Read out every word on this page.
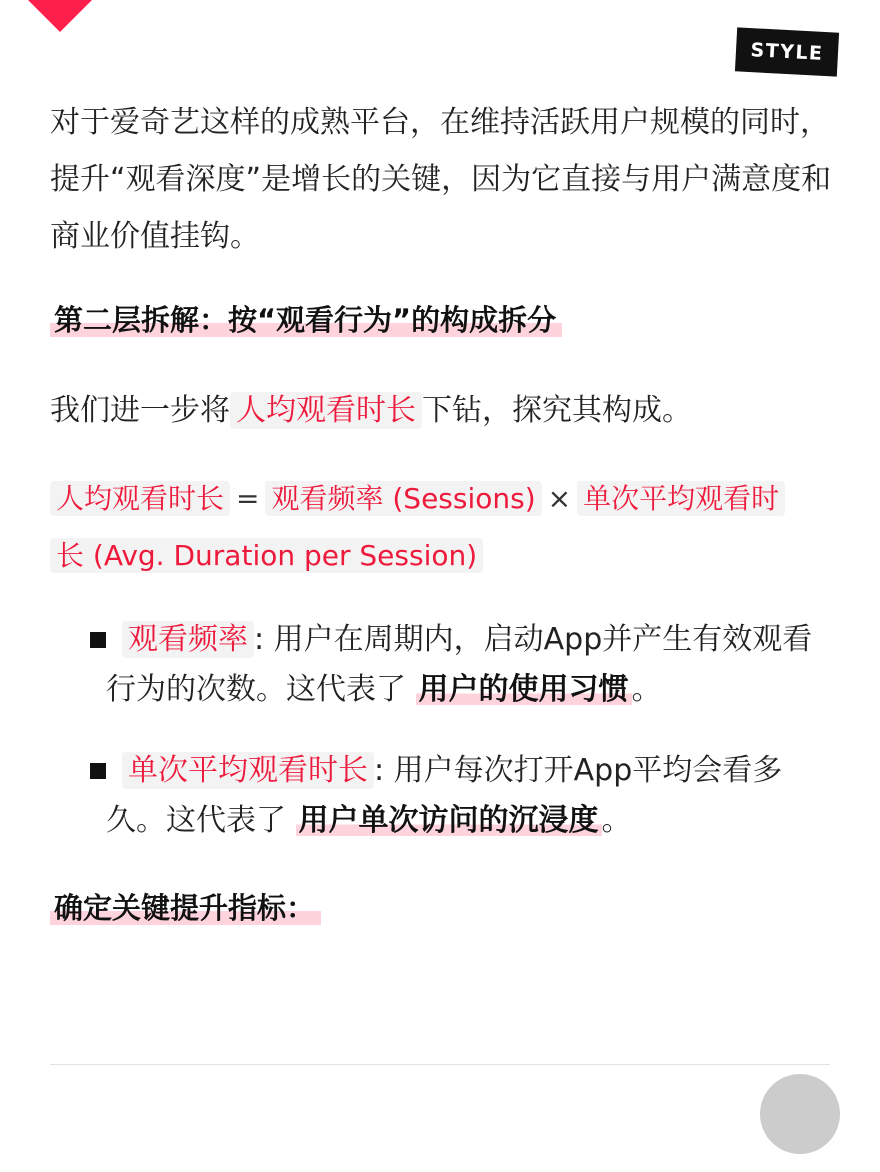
STYLE
对于爱奇艺这样的成熟平台，在维持活跃用户规模的同时，提升“观看深度”是增长的关键，因为它直接与用户满意度和商业价值挂钩。
第二层拆解：按“观看行为”的构成拆分
我们进一步将 人均观看时长 下钻，探究其构成。
人均观看时长 = 观看频率 (Sessions) × 单次平均观看时
长 (Avg. Duration per Session)
观看频率 : 用户在周期内，启动App并产生有效观看行为的次数。这代表了 用户的使用习惯 。
单次平均观看时长 : 用户每次打开App平均会看多久。这代表了 用户单次访问的沉浸度 。
确定关键提升指标：
